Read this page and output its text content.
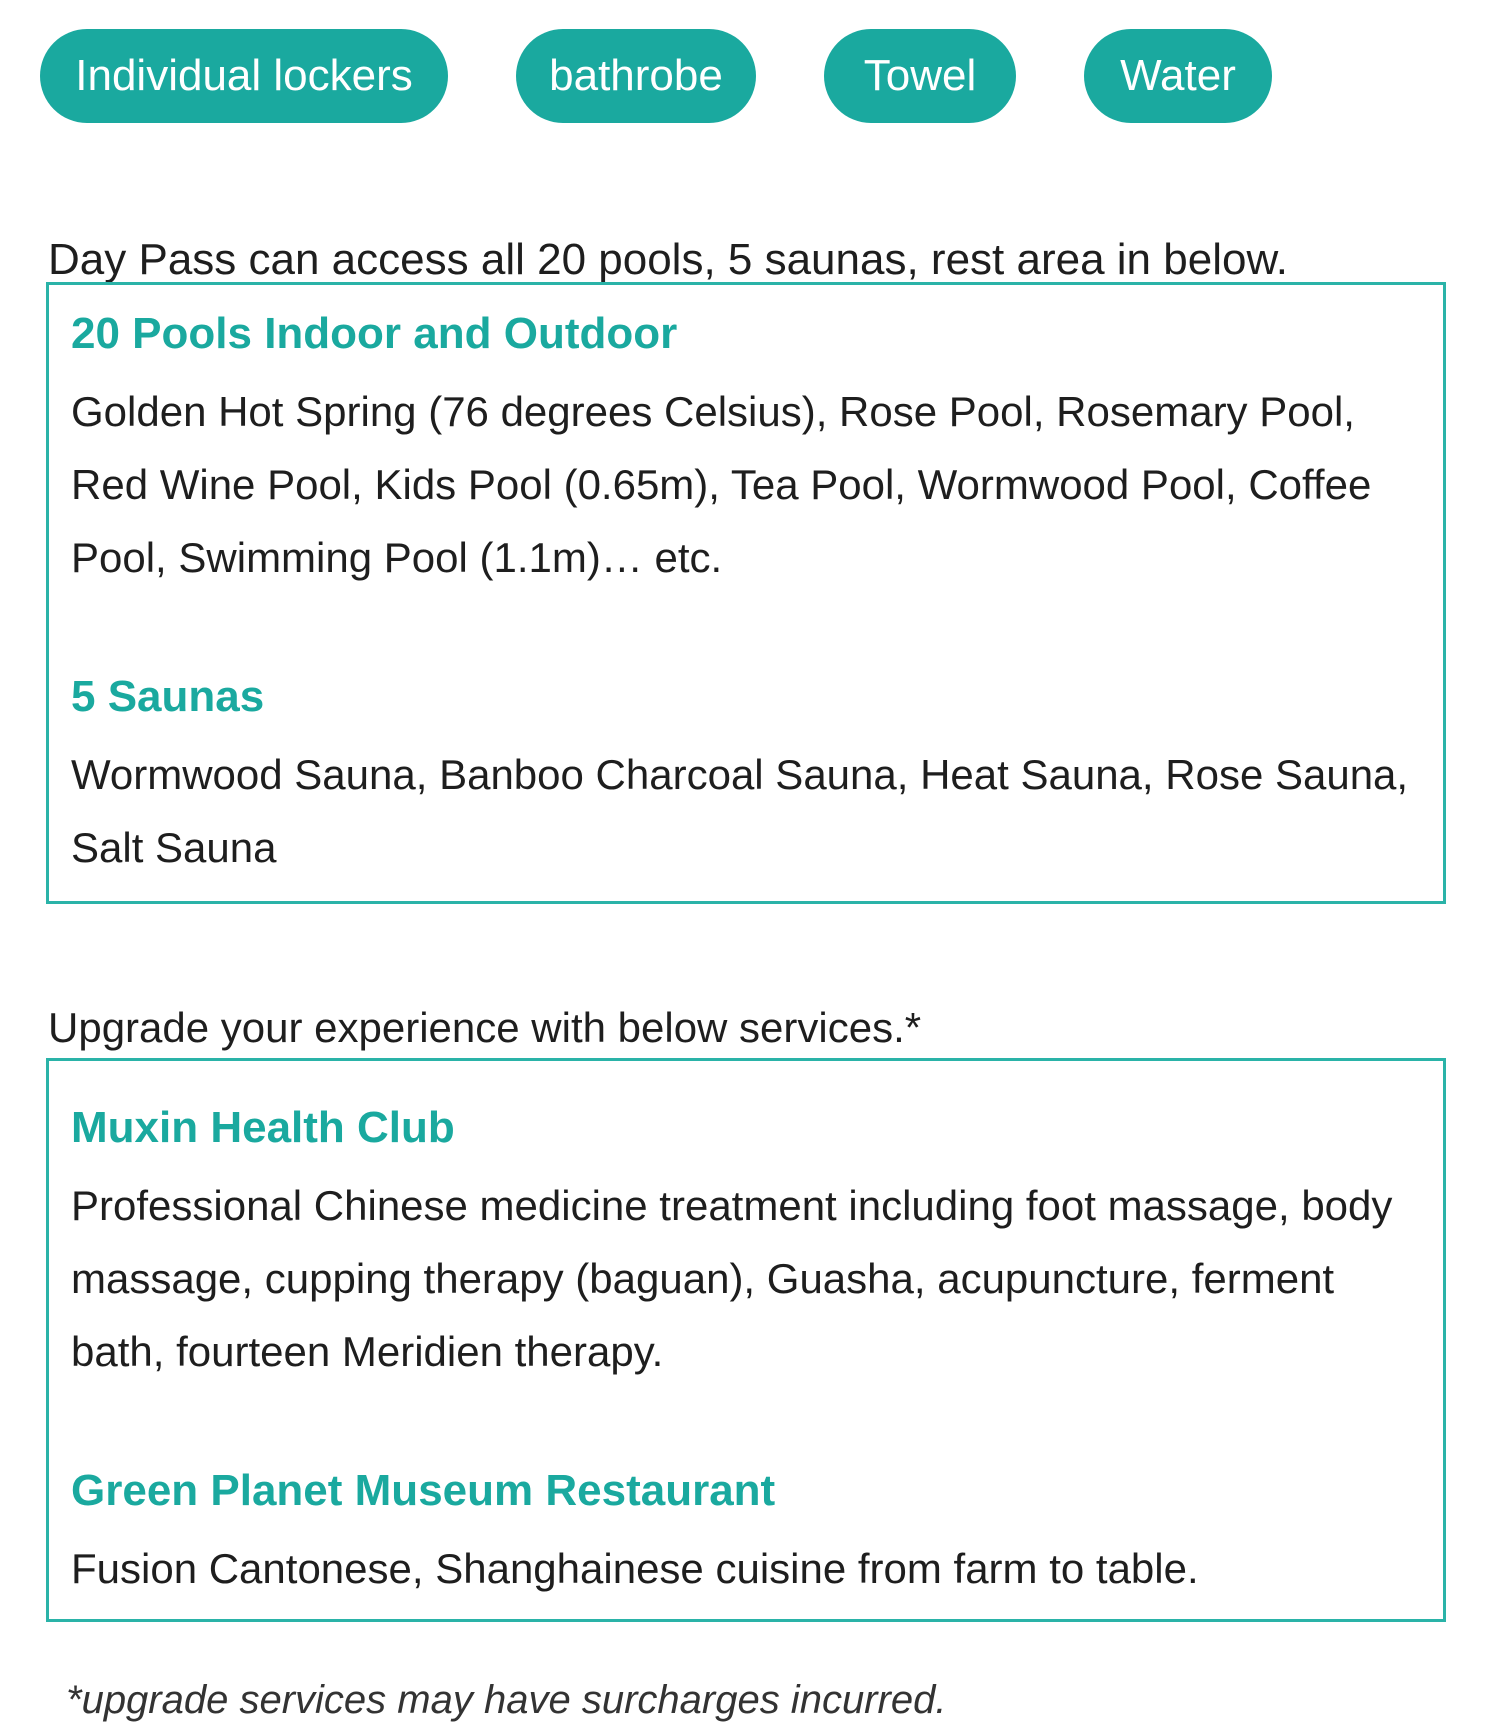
Individual lockers	bathrobe	Towel	Water

Day Pass can access all 20 pools, 5 saunas, rest area in below.

20 Pools Indoor and Outdoor

Golden Hot Spring (76 degrees Celsius), Rose Pool, Rosemary Pool, Red Wine Pool, Kids Pool (0.65m), Tea Pool, Wormwood Pool, Coffee Pool, Swimming Pool (1.1m)… etc.

5 Saunas

Wormwood Sauna, Banboo Charcoal Sauna, Heat Sauna, Rose Sauna, Salt Sauna

Upgrade your experience with below services.*

Muxin Health Club

Professional Chinese medicine treatment including foot massage, body massage, cupping therapy (baguan), Guasha, acupuncture, ferment bath, fourteen Meridien therapy.

Green Planet Museum Restaurant

Fusion Cantonese, Shanghainese cuisine from farm to table.

*upgrade services may have surcharges incurred.
